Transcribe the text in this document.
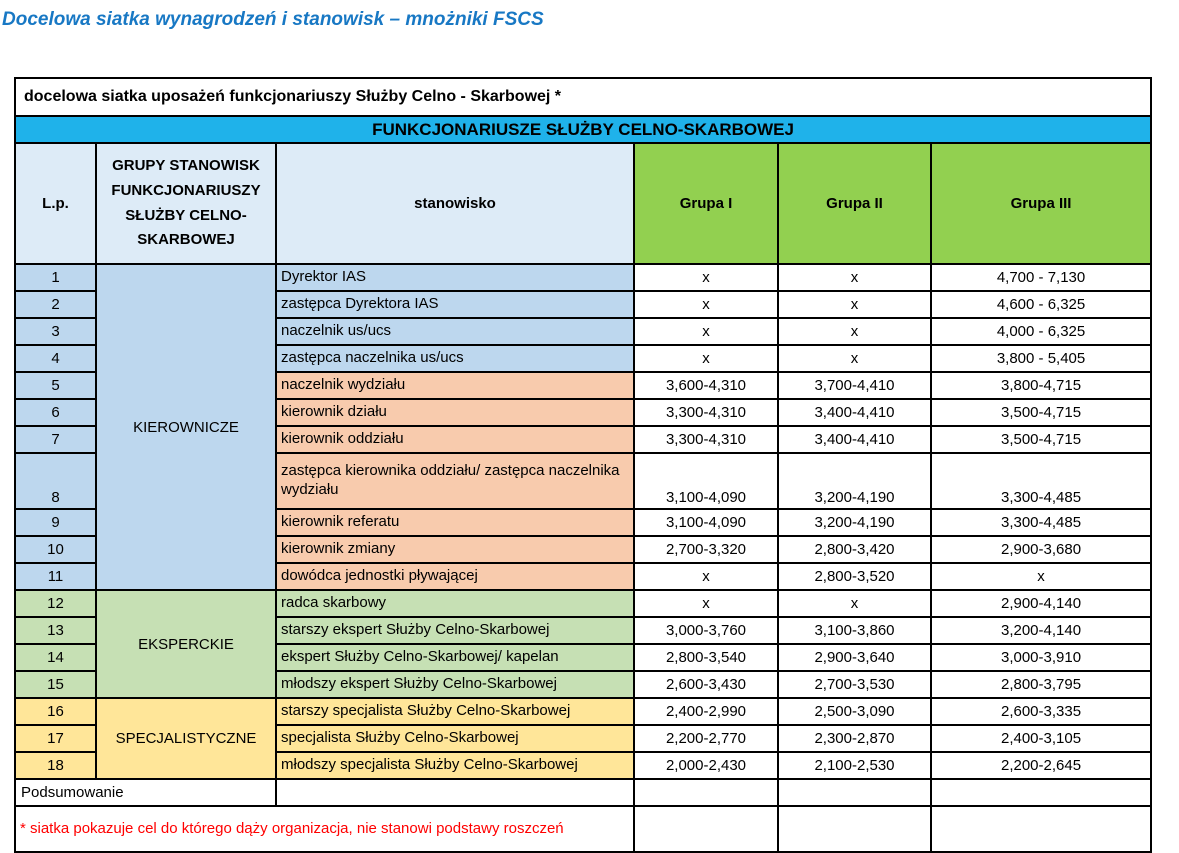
Docelowa siatka wynagrodzeń i stanowisk – mnożniki FSCS
docelowa siatka uposażeń funkcjonariuszy Służby Celno - Skarbowej *					
FUNKCJONARIUSZE SŁUŻBY CELNO-SKARBOWEJ					
L.p.	GRUPY STANOWISK FUNKCJONARIUSZY SŁUŻBY CELNO-SKARBOWEJ	stanowisko	Grupa I	Grupa II	Grupa III
1	KIEROWNICZE	Dyrektor IAS	x	x	4,700 - 7,130
2		zastępca Dyrektora IAS	x	x	4,600 - 6,325
3		naczelnik us/ucs	x	x	4,000 - 6,325
4		zastępca naczelnika us/ucs	x	x	3,800 - 5,405
5		naczelnik wydziału	3,600-4,310	3,700-4,410	3,800-4,715
6		kierownik działu	3,300-4,310	3,400-4,410	3,500-4,715
7		kierownik oddziału	3,300-4,310	3,400-4,410	3,500-4,715
8		zastępca kierownika oddziału/ zastępca naczelnika wydziału	3,100-4,090	3,200-4,190	3,300-4,485
9		kierownik referatu	3,100-4,090	3,200-4,190	3,300-4,485
10		kierownik zmiany	2,700-3,320	2,800-3,420	2,900-3,680
11		dowódca jednostki pływającej	x	2,800-3,520	x
12	EKSPERCKIE	radca skarbowy	x	x	2,900-4,140
13		starszy ekspert Służby Celno-Skarbowej	3,000-3,760	3,100-3,860	3,200-4,140
14		ekspert Służby Celno-Skarbowej/ kapelan	2,800-3,540	2,900-3,640	3,000-3,910
15		młodszy ekspert Służby Celno-Skarbowej	2,600-3,430	2,700-3,530	2,800-3,795
16	SPECJALISTYCZNE	starszy specjalista Służby Celno-Skarbowej	2,400-2,990	2,500-3,090	2,600-3,335
17		specjalista Służby Celno-Skarbowej	2,200-2,770	2,300-2,870	2,400-3,105
18		młodszy specjalista Służby Celno-Skarbowej	2,000-2,430	2,100-2,530	2,200-2,645
Podsumowanie					
* siatka pokazuje cel do którego dąży organizacja, nie stanowi podstawy roszczeń					
